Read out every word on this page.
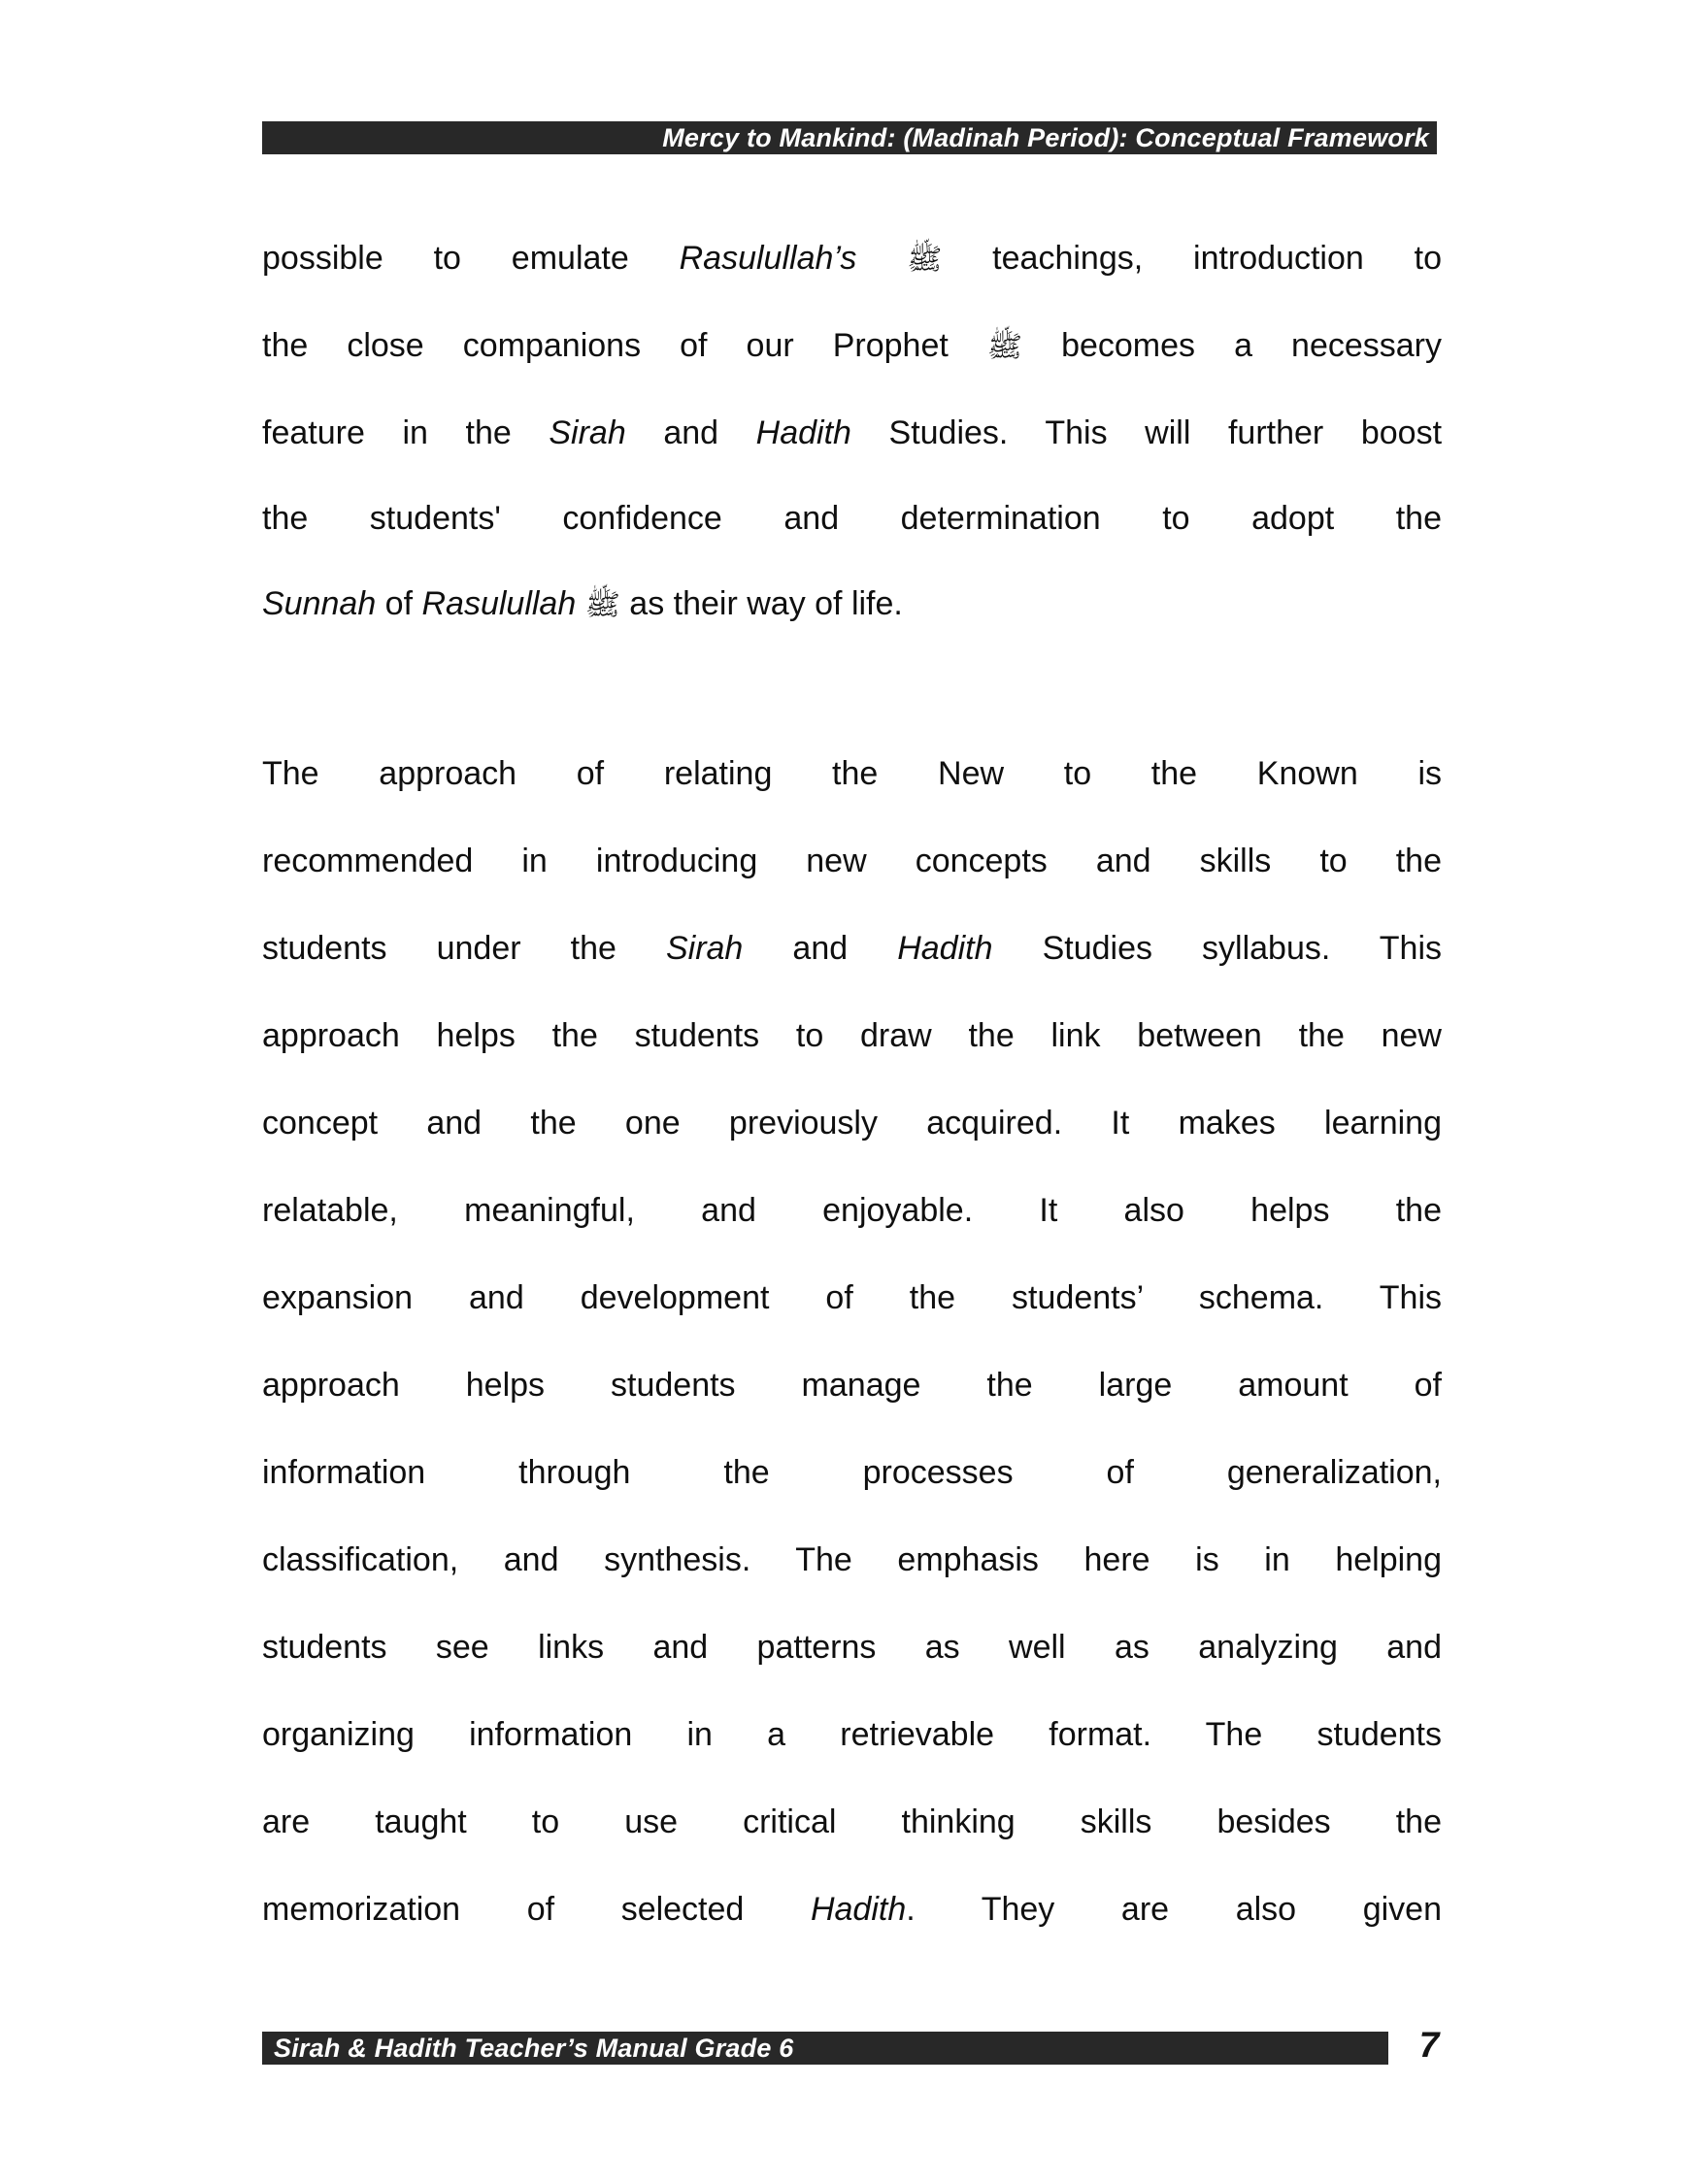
Mercy to Mankind: (Madinah Period): Conceptual Framework
possible to emulate Rasulullah’s ﷺ teachings, introduction to
the close companions of our Prophet ﷺ becomes a necessary
feature in the Sirah and Hadith Studies. This will further boost
the students' confidence and determination to adopt the
Sunnah of Rasulullah ﷺ as their way of life.
The approach of relating the New to the Known is
recommended in introducing new concepts and skills to the
students under the Sirah and Hadith Studies syllabus. This
approach helps the students to draw the link between the new
concept and the one previously acquired. It makes learning
relatable, meaningful, and enjoyable. It also helps the
expansion and development of the students’ schema. This
approach helps students manage the large amount of
information through the processes of generalization,
classification, and synthesis. The emphasis here is in helping
students see links and patterns as well as analyzing and
organizing information in a retrievable format. The students
are taught to use critical thinking skills besides the
memorization of selected Hadith. They are also given
Sirah & Hadith Teacher’s Manual Grade 6	7
